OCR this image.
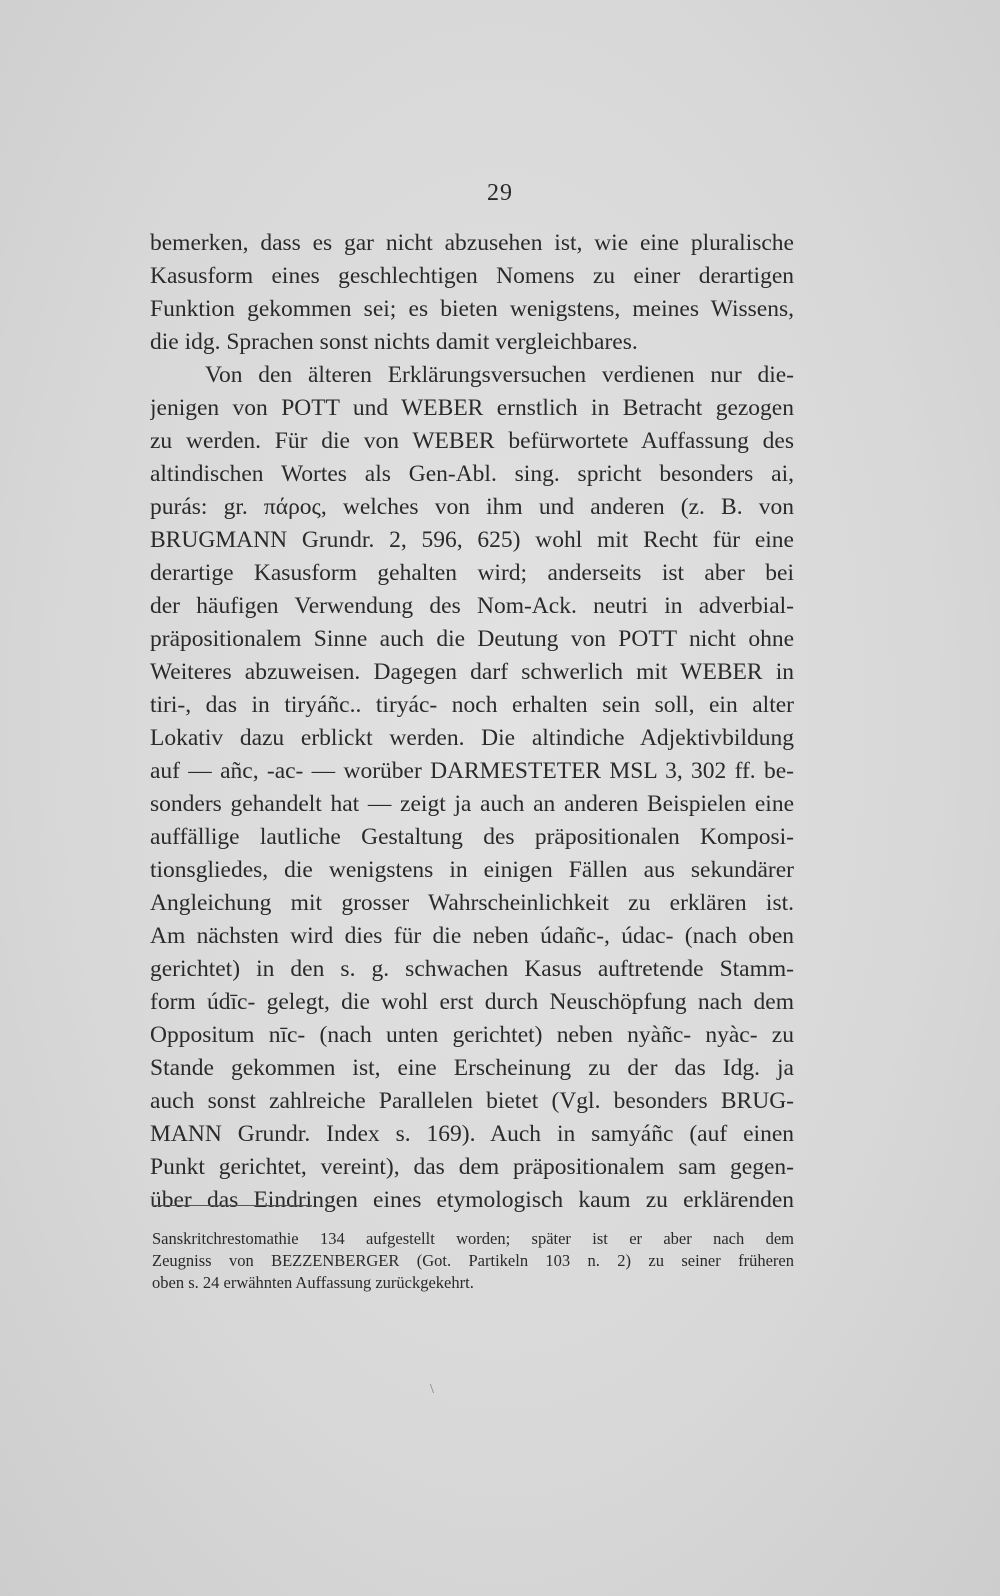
29
bemerken, dass es gar nicht abzusehen ist, wie eine pluralische
Kasusform eines geschlechtigen Nomens zu einer derartigen
Funktion gekommen sei; es bieten wenigstens, meines Wissens,
die idg. Sprachen sonst nichts damit vergleichbares.
Von den älteren Erklärungsversuchen verdienen nur die-
jenigen von POTT und WEBER ernstlich in Betracht gezogen
zu werden. Für die von WEBER befürwortete Auffassung des
altindischen Wortes als Gen-Abl. sing. spricht besonders ai,
purás: gr. πάρος, welches von ihm und anderen (z. B. von
BRUGMANN Grundr. 2, 596, 625) wohl mit Recht für eine
derartige Kasusform gehalten wird; anderseits ist aber bei
der häufigen Verwendung des Nom-Ack. neutri in adverbial-
präpositionalem Sinne auch die Deutung von POTT nicht ohne
Weiteres abzuweisen. Dagegen darf schwerlich mit WEBER in
tiri-, das in tiryáñc.. tiryác- noch erhalten sein soll, ein alter
Lokativ dazu erblickt werden. Die altindiche Adjektivbildung
auf — añc, -ac- — worüber DARMESTETER MSL 3, 302 ff. be-
sonders gehandelt hat — zeigt ja auch an anderen Beispielen eine
auffällige lautliche Gestaltung des präpositionalen Komposi-
tionsgliedes, die wenigstens in einigen Fällen aus sekundärer
Angleichung mit grosser Wahrscheinlichkeit zu erklären ist.
Am nächsten wird dies für die neben údañc-, údac- (nach oben
gerichtet) in den s. g. schwachen Kasus auftretende Stamm-
form údīc- gelegt, die wohl erst durch Neuschöpfung nach dem
Oppositum nīc- (nach unten gerichtet) neben nyàñc- nyàc- zu
Stande gekommen ist, eine Erscheinung zu der das Idg. ja
auch sonst zahlreiche Parallelen bietet (Vgl. besonders BRUG-
MANN Grundr. Index s. 169). Auch in samyáñc (auf einen
Punkt gerichtet, vereint), das dem präpositionalem sam gegen-
über das Eindringen eines etymologisch kaum zu erklärenden
Sanskritchrestomathie 134 aufgestellt worden; später ist er aber nach dem
Zeugniss von BEZZENBERGER (Got. Partikeln 103 n. 2) zu seiner früheren
oben s. 24 erwähnten Auffassung zurückgekehrt.
\
